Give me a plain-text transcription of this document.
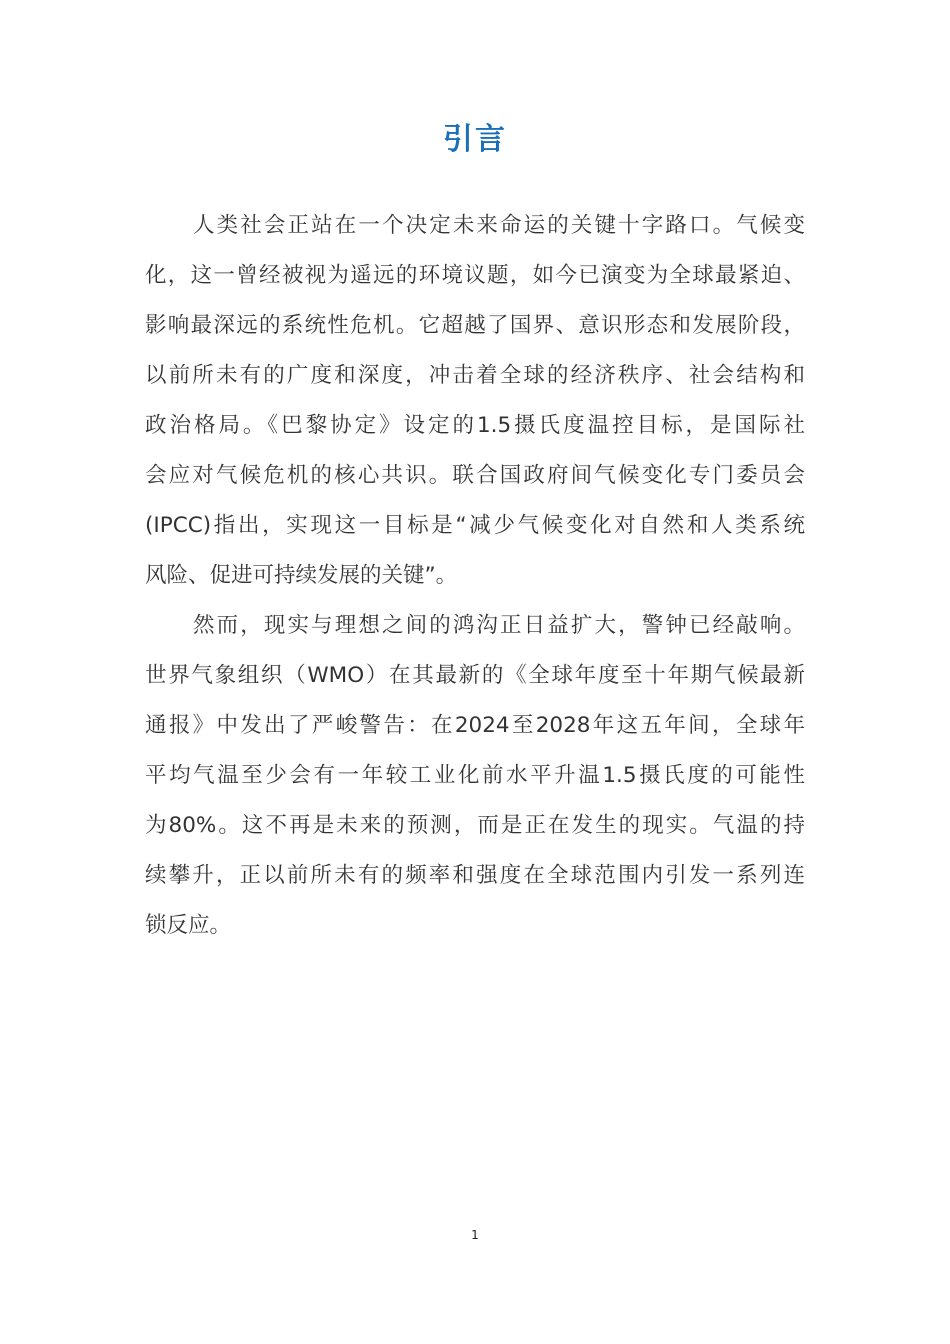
引言
人类社会正站在一个决定未来命运的关键十字路口。气候变
化，这一曾经被视为遥远的环境议题，如今已演变为全球最紧迫、
影响最深远的系统性危机。它超越了国界、意识形态和发展阶段，
以前所未有的广度和深度，冲击着全球的经济秩序、社会结构和
政治格局。《巴黎协定》设定的1.5摄氏度温控目标，是国际社
会应对气候危机的核心共识。联合国政府间气候变化专门委员会
(IPCC)指出，实现这一目标是“减少气候变化对自然和人类系统
风险、促进可持续发展的关键”。
然而，现实与理想之间的鸿沟正日益扩大，警钟已经敲响。
世界气象组织（WMO）在其最新的《全球年度至十年期气候最新
通报》中发出了严峻警告：在2024至2028年这五年间，全球年
平均气温至少会有一年较工业化前水平升温1.5摄氏度的可能性
为80%。这不再是未来的预测，而是正在发生的现实。气温的持
续攀升，正以前所未有的频率和强度在全球范围内引发一系列连
锁反应。
1
